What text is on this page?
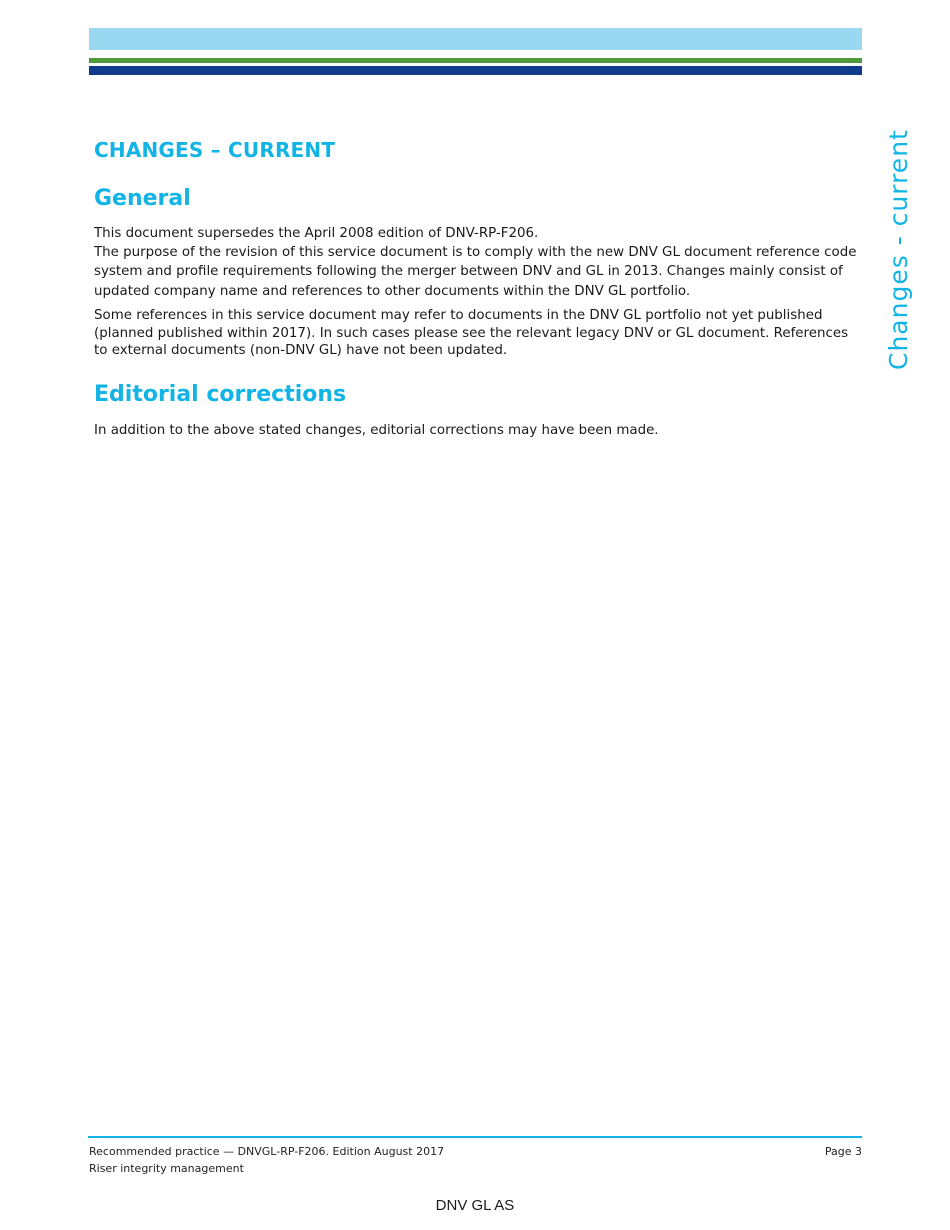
Changes - current
CHANGES – CURRENT
General

This document supersedes the April 2008 edition of DNV-RP-F206.

The purpose of the revision of this service document is to comply with the new DNV GL document reference code system and profile requirements following the merger between DNV and GL in 2013. Changes mainly consist of updated company name and references to other documents within the DNV GL portfolio.

Some references in this service document may refer to documents in the DNV GL portfolio not yet published (planned published within 2017). In such cases please see the relevant legacy DNV or GL document. References to external documents (non-DNV GL) have not been updated.

Editorial corrections

In addition to the above stated changes, editorial corrections may have been made.

Recommended practice — DNVGL-RP-F206. Edition August 2017
Riser integrity management
Page 3
DNV GL AS
